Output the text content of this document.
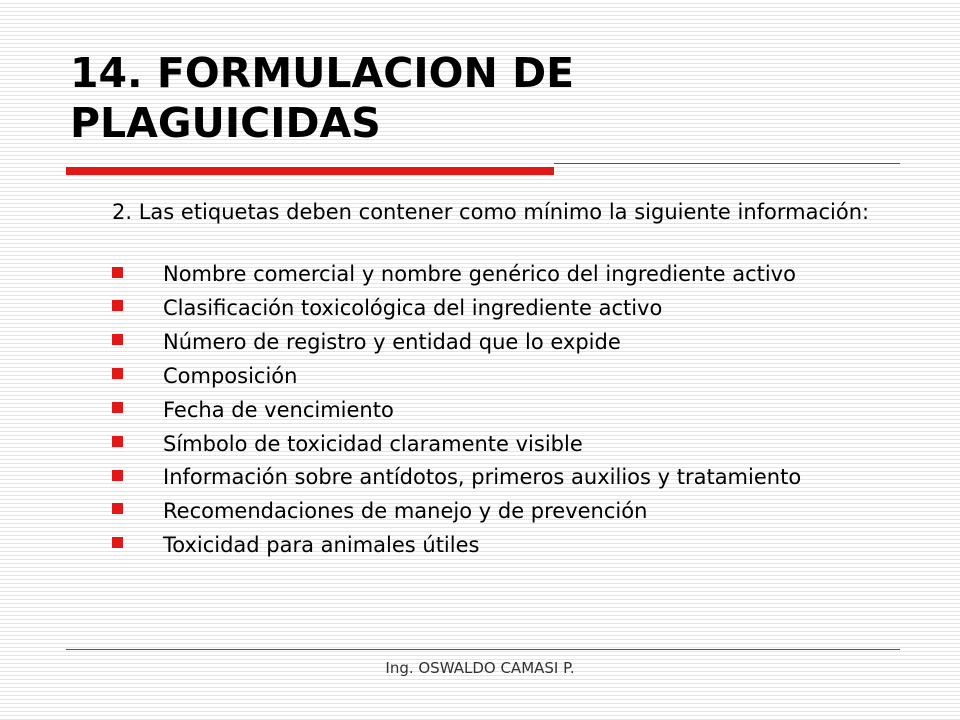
14. FORMULACION DE PLAGUICIDAS

2. Las etiquetas deben contener como mínimo la siguiente información:

Nombre comercial y nombre genérico del ingrediente activo
Clasificación toxicológica del ingrediente activo
Número de registro y entidad que lo expide
Composición
Fecha de vencimiento
Símbolo de toxicidad claramente visible
Información sobre antídotos, primeros auxilios y tratamiento
Recomendaciones de manejo y de prevención
Toxicidad para animales útiles
Ing. OSWALDO CAMASI P.
